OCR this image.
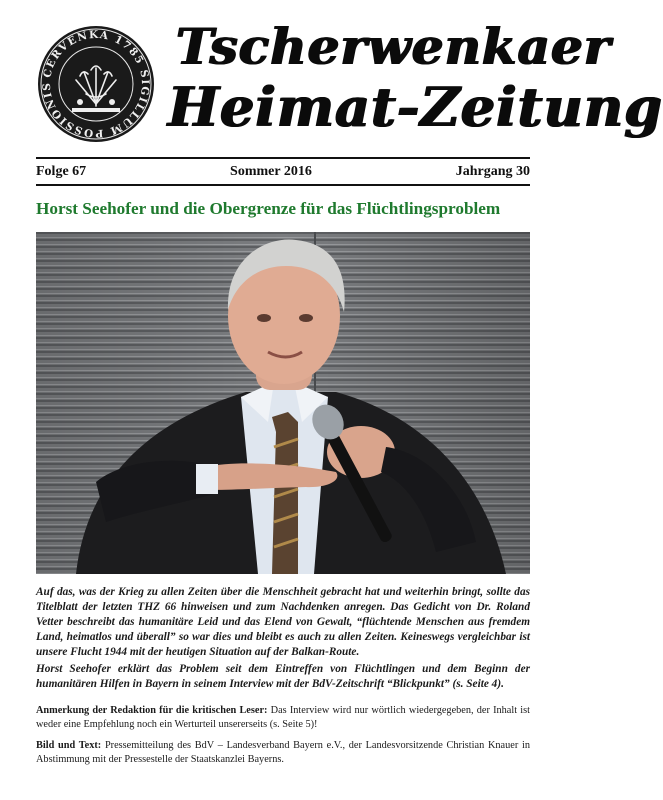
CERVENKA 1785 SIGILLUM POSSIONIS
Tscherwenkaer
Heimat-Zeitung
Folge 67	Sommer 2016	Jahrgang 30
Horst Seehofer und die Obergrenze für das Flüchtlingsproblem
Auf das, was der Krieg zu allen Zeiten über die Menschheit gebracht hat und weiterhin bringt, sollte das Titelblatt der letzten THZ 66 hinweisen und zum Nachdenken anregen. Das Gedicht von Dr. Roland Vetter beschreibt das humanitäre Leid und das Elend von Gewalt, “flüchtende Menschen aus fremdem Land, heimatlos und überall” so war dies und bleibt es auch zu allen Zeiten. Keineswegs vergleichbar ist unsere Flucht 1944 mit der heutigen Situation auf der Balkan-Route.
Horst Seehofer erklärt das Problem seit dem Eintreffen von Flüchtlingen und dem Beginn der humanitären Hilfen in Bayern in seinem Interview mit der BdV-Zeitschrift “Blickpunkt” (s. Seite 4).
Anmerkung der Redaktion für die kritischen Leser: Das Interview wird nur wörtlich wiedergegeben, der Inhalt ist weder eine Empfehlung noch ein Werturteil unsererseits (s. Seite 5)!
Bild und Text: Pressemitteilung des BdV – Landesverband Bayern e.V., der Landesvorsitzende Christian Knauer in Abstimmung mit der Pressestelle der Staatskanzlei Bayerns.
